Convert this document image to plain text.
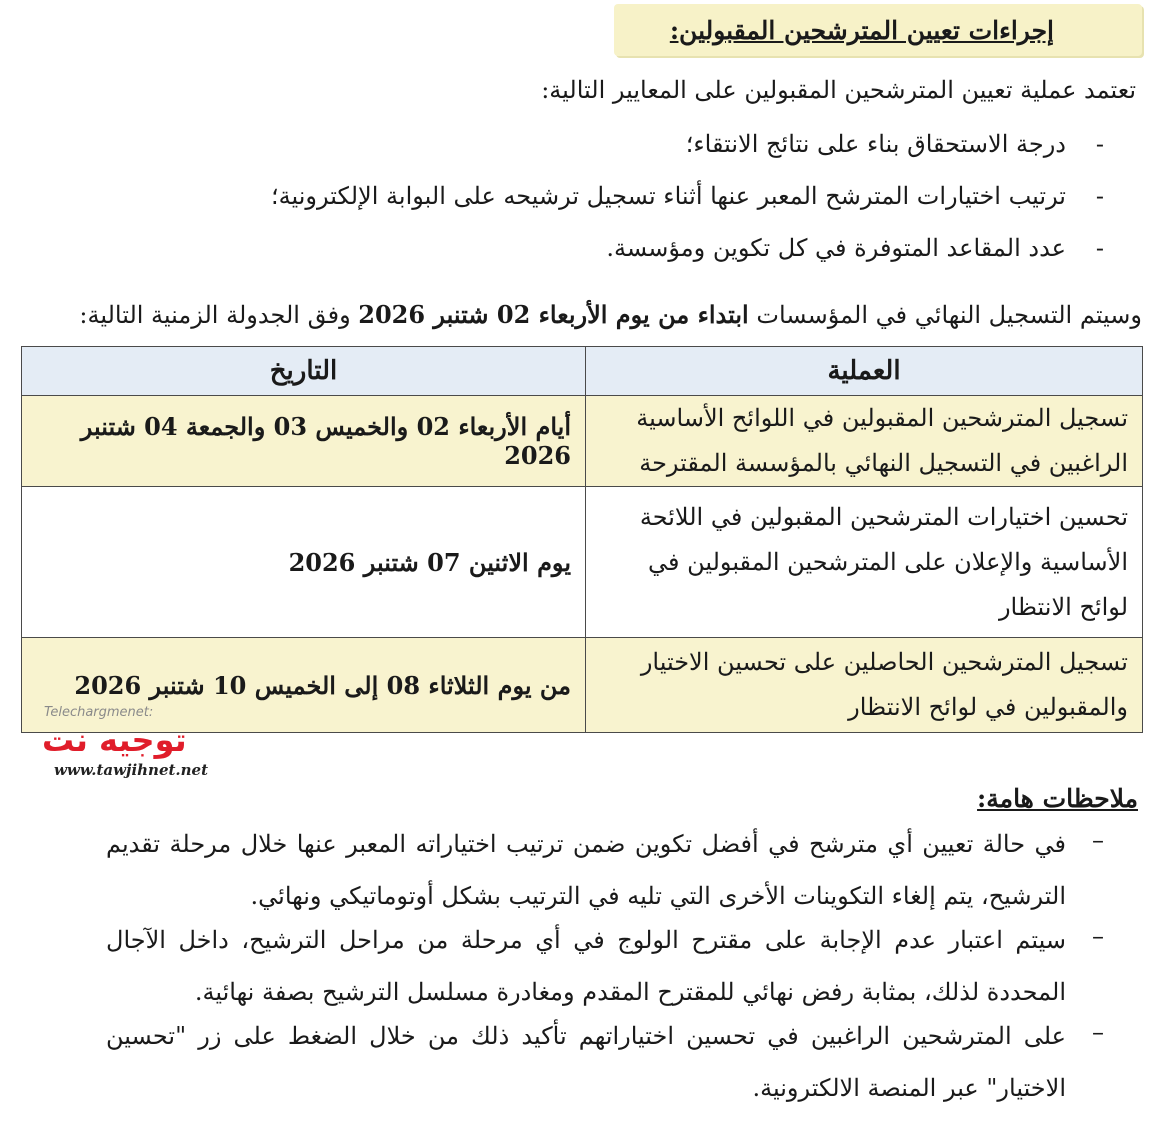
إجراءات تعيين المترشحين المقبولين:
تعتمد عملية تعيين المترشحين المقبولين على المعايير التالية:
-
درجة الاستحقاق بناء على نتائج الانتقاء؛
-
ترتيب اختيارات المترشح المعبر عنها أثناء تسجيل ترشيحه على البوابة الإلكترونية؛
-
عدد المقاعد المتوفرة في كل تكوين ومؤسسة.
وسيتم التسجيل النهائي في المؤسسات ابتداء من يوم الأربعاء 02 شتنبر 2026 وفق الجدولة الزمنية التالية:
العملية	التاريخ
تسجيل المترشحين المقبولين في اللوائح الأساسية الراغبين في التسجيل النهائي بالمؤسسة المقترحة	أيام الأربعاء 02 والخميس 03 والجمعة 04 شتنبر 2026
تحسين اختيارات المترشحين المقبولين في اللائحة الأساسية والإعلان على المترشحين المقبولين في لوائح الانتظار	يوم الاثنين 07 شتنبر 2026
تسجيل المترشحين الحاصلين على تحسين الاختيار والمقبولين في لوائح الانتظار	من يوم الثلاثاء 08 إلى الخميس 10 شتنبر 2026
Telechargmenet:
توجيه نت
www.tawjihnet.net
ملاحظات هامة:
–
في حالة تعيين أي مترشح في أفضل تكوين ضمن ترتيب اختياراته المعبر عنها خلال مرحلة تقديم الترشيح، يتم إلغاء التكوينات الأخرى التي تليه في الترتيب بشكل أوتوماتيكي ونهائي.
–
سيتم اعتبار عدم الإجابة على مقترح الولوج في أي مرحلة من مراحل الترشيح، داخل الآجال المحددة لذلك، بمثابة رفض نهائي للمقترح المقدم ومغادرة مسلسل الترشيح بصفة نهائية.
–
على المترشحين الراغبين في تحسين اختياراتهم تأكيد ذلك من خلال الضغط على زر "تحسين الاختيار" عبر المنصة الالكترونية.
